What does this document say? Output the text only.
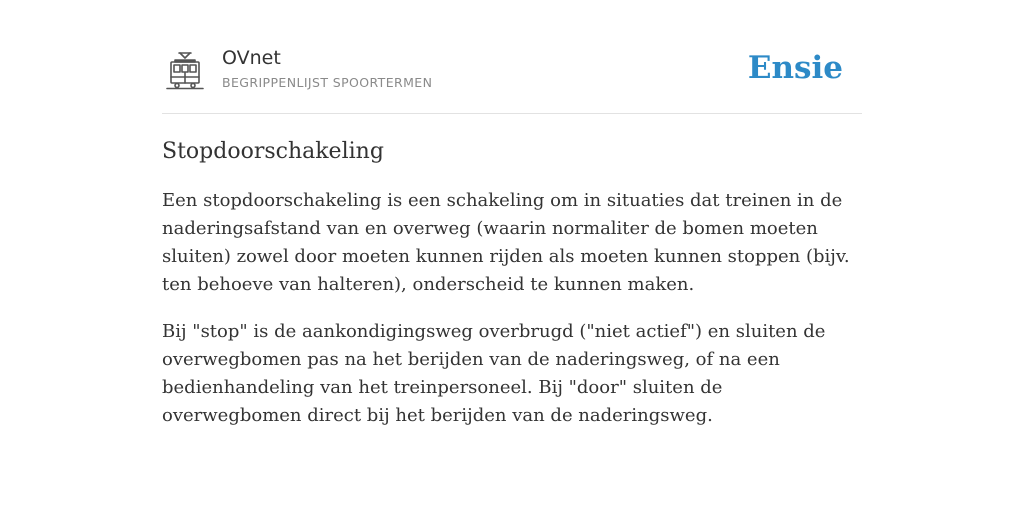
OVnet
BEGRIPPENLIJST SPOORTERMEN	Ensie
Stopdoorschakeling

Een stopdoorschakeling is een schakeling om in situaties dat treinen in de naderingsafstand van en overweg (waarin normaliter de bomen moeten sluiten) zowel door moeten kunnen rijden als moeten kunnen stoppen (bijv. ten behoeve van halteren), onderscheid te kunnen maken.

Bij "stop" is de aankondigingsweg overbrugd ("niet actief") en sluiten de overwegbomen pas na het berijden van de naderingsweg, of na een bedienhandeling van het treinpersoneel. Bij "door" sluiten de overwegbomen direct bij het berijden van de naderingsweg.
